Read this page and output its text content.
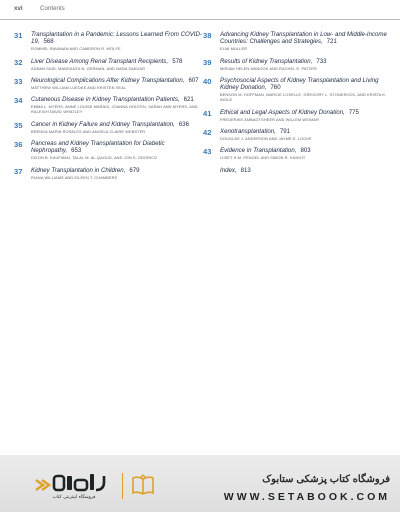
xvi	Contents
31 Transplantation in a Pandemic: Lessons Learned From COVID-19, 568
ROMMEL RAVANAN AND CAMERON R. WOLFE
32 Liver Disease Among Renal Transplant Recipients, 578
ADNAN SAID, MANDANTA N. GERMAN, AND NADA SAKDAR
33 Neurological Complications After Kidney Transplantation, 607
MATTHEW WILLIAM LUEDKE AND KRISTEN VEAL
34 Cutaneous Disease in Kidney Transplantation Patients, 621
EMMA L. MYERS, ANNE LOUISE MARAIS, JOANNA HOUTEN, SARAH ANN MYERS, AND RALEIGH DAVID WHATLEY
35 Cancer in Kidney Failure and Kidney Transplantation, 636
BRENDA MARIA ROSALES AND ANGELA CLAIRE WEBSTER
36 Pancreas and Kidney Transplantation for Diabetic Nephropathy, 653
DIXON B. KAUFMAN, TALAL M. AL-QAOUD, AND JON S. ODORICO
37 Kidney Transplantation in Children, 679
RIANA WILLIAMS AND EILEEN T. CHAMBERS
38 Advancing Kidney Transplantation in Low- and Middle-Income Countries: Challenges and Strategies, 721
ELMI MULLER
39 Results of Kidney Transplantation, 733
MIRIAM HELEN MANOOK AND RACHEL E. PATZER
40 Psychosocial Aspects of Kidney Transplantation and Living Kidney Donation, 760
BENSON M. HOFFMAN, MARCIE LOSELLE, GREGORY L. STONEROCK, AND KRISTA K. INGLE
41 Ethical and Legal Aspects of Kidney Donation, 775
FREDERIKE AMBAGTSHEER AND WILLEM WEIMAR
42 Xenotransplantation, 791
DOUGLAS J. ANDERSON AND JAYME E. LOCKE
43 Evidence in Transplantation, 803
LIISET H.M. PENGEL AND SIMON R. KNIGHT
Index, 813
فروشگاه اینترنتی کتاب
فروشگاه کتاب پزشکی ستابوک
WWW.SETABOOK.COM
